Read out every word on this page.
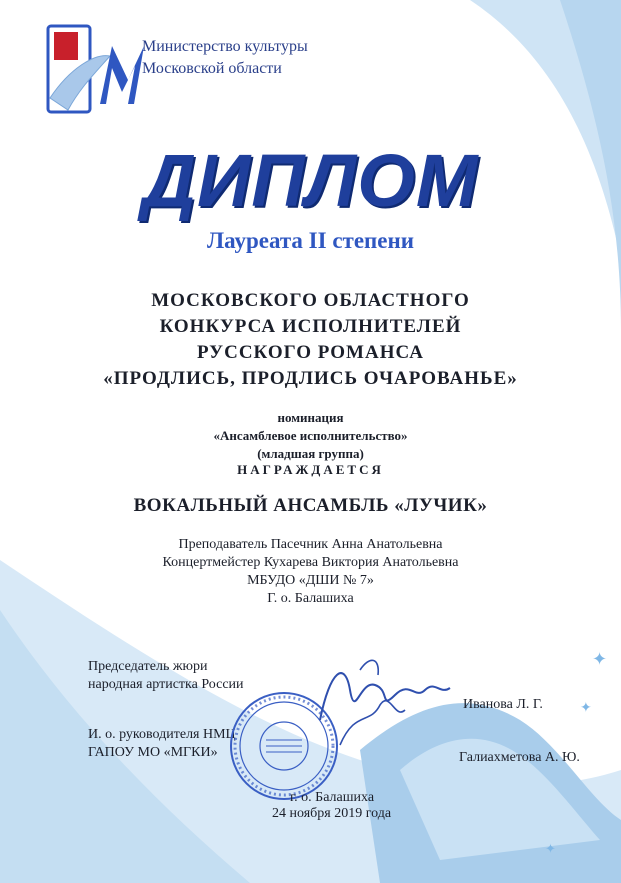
✦
✦
✦
Министерство культуры
Московской области
ДИПЛОМ
Лауреата II степени
МОСКОВСКОГО ОБЛАСТНОГО
КОНКУРСА ИСПОЛНИТЕЛЕЙ
РУССКОГО РОМАНСА
«ПРОДЛИСЬ, ПРОДЛИСЬ ОЧАРОВАНЬЕ»
номинация
«Ансамблевое исполнительство»
(младшая группа)
НАГРАЖДАЕТСЯ
ВОКАЛЬНЫЙ АНСАМБЛЬ «ЛУЧИК»
Преподаватель Пасечник Анна Анатольевна
Концертмейстер Кухарева Виктория Анатольевна
МБУДО «ДШИ № 7»
Г. о. Балашиха
Председатель жюри
народная артистка России
Иванова Л. Г.
И. о. руководителя НМЦ
ГАПОУ МО «МГКИ»	Галиахметова А. Ю.
г. о. Балашиха
24 ноября 2019 года
